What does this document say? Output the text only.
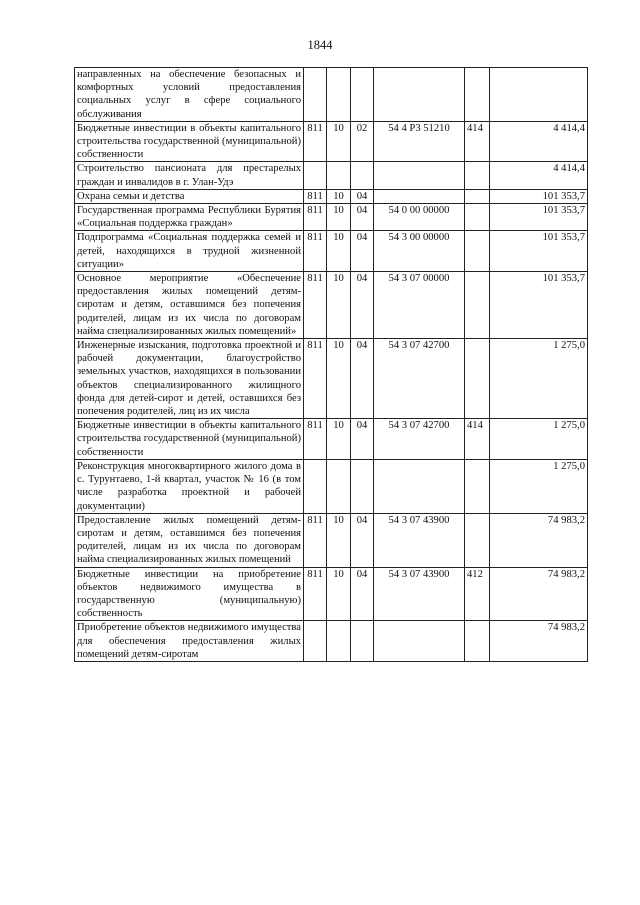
1844
направленных на обеспечение безопасных и комфортных условий предоставления социальных услуг в сфере социального обслуживания						
Бюджетные инвестиции в объекты капитального строительства государственной (муниципальной) собственности	811	10	02	54 4 P3 51210	414	4 414,4
Строительство пансионата для престарелых граждан и инвалидов в г. Улан-Удэ						4 414,4
Охрана семьи и детства	811	10	04			101 353,7
Государственная программа Республики Бурятия «Социальная поддержка граждан»	811	10	04	54 0 00 00000		101 353,7
Подпрограмма «Социальная поддержка семей и детей, находящихся в трудной жизненной ситуации»	811	10	04	54 3 00 00000		101 353,7
Основное мероприятие «Обеспечение предоставления жилых помещений детям-сиротам и детям, оставшимся без попечения родителей, лицам из их числа по договорам найма специализированных жилых помещений»	811	10	04	54 3 07 00000		101 353,7
Инженерные изыскания, подготовка проектной и рабочей документации, благоустройство земельных участков, находящихся в пользовании объектов специализированного жилищного фонда для детей-сирот и детей, оставшихся без попечения родителей, лиц из их числа	811	10	04	54 3 07 42700		1 275,0
Бюджетные инвестиции в объекты капитального строительства государственной (муниципальной) собственности	811	10	04	54 3 07 42700	414	1 275,0
Реконструкция многоквартирного жилого дома в с. Турунтаево, 1-й квартал, участок № 16 (в том числе разработка проектной и рабочей документации)						1 275,0
Предоставление жилых помещений детям-сиротам и детям, оставшимся без попечения родителей, лицам из их числа по договорам найма специализированных жилых помещений	811	10	04	54 3 07 43900		74 983,2
Бюджетные инвестиции на приобретение объектов недвижимого имущества в государственную (муниципальную) собственность	811	10	04	54 3 07 43900	412	74 983,2
Приобретение объектов недвижимого имущества для обеспечения предоставления жилых помещений детям-сиротам						74 983,2
